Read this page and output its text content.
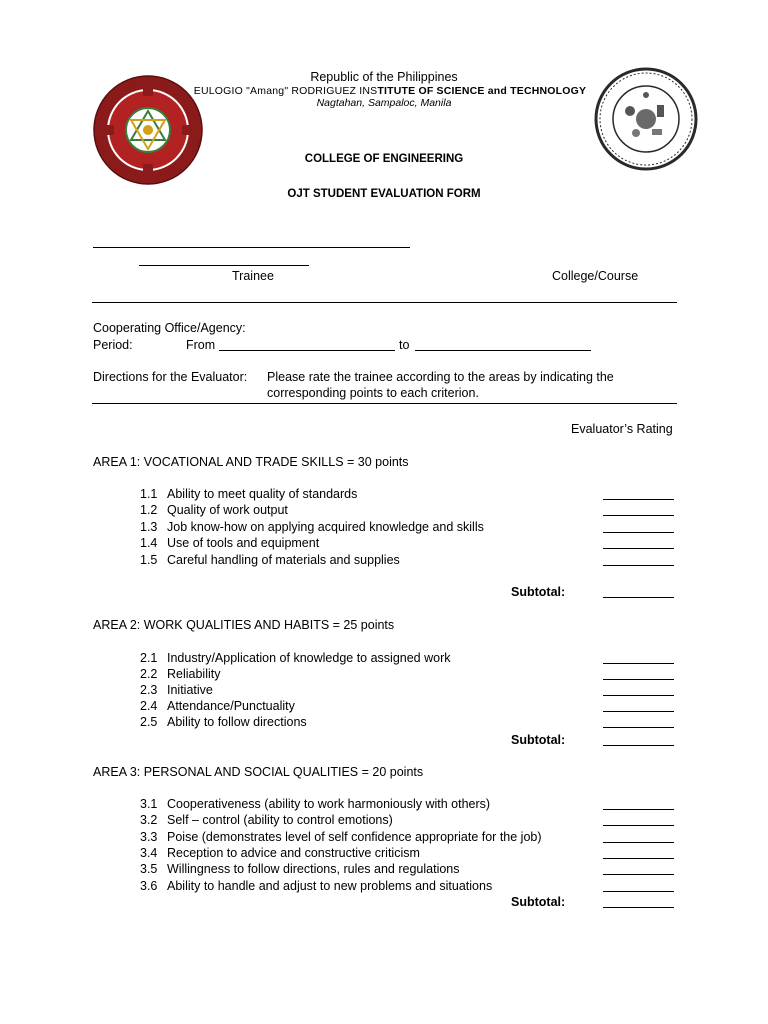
Republic of the Philippines
EULOGIO "Amang" RODRIGUEZ INSTITUTE OF SCIENCE and TECHNOLOGY
Nagtahan, Sampaloc, Manila
COLLEGE OF ENGINEERING
OJT STUDENT EVALUATION FORM
Trainee	College/Course
Cooperating Office/Agency:
Period:	From	to
Directions for the Evaluator: Please rate the trainee according to the areas by indicating the
corresponding points to each criterion.
Evaluator’s Rating
AREA 1: VOCATIONAL AND TRADE SKILLS = 30 points
1.1 Ability to meet quality of standards
1.2 Quality of work output
1.3 Job know-how on applying acquired knowledge and skills
1.4 Use of tools and equipment
1.5 Careful handling of materials and supplies
Subtotal:
AREA 2: WORK QUALITIES AND HABITS = 25 points
2.1 Industry/Application of knowledge to assigned work
2.2 Reliability
2.3 Initiative
2.4 Attendance/Punctuality
2.5 Ability to follow directions
Subtotal:
AREA 3: PERSONAL AND SOCIAL QUALITIES = 20 points
3.1 Cooperativeness (ability to work harmoniously with others)
3.2 Self – control (ability to control emotions)
3.3 Poise (demonstrates level of self confidence appropriate for the job)
3.4 Reception to advice and constructive criticism
3.5 Willingness to follow directions, rules and regulations
3.6 Ability to handle and adjust to new problems and situations
Subtotal:
